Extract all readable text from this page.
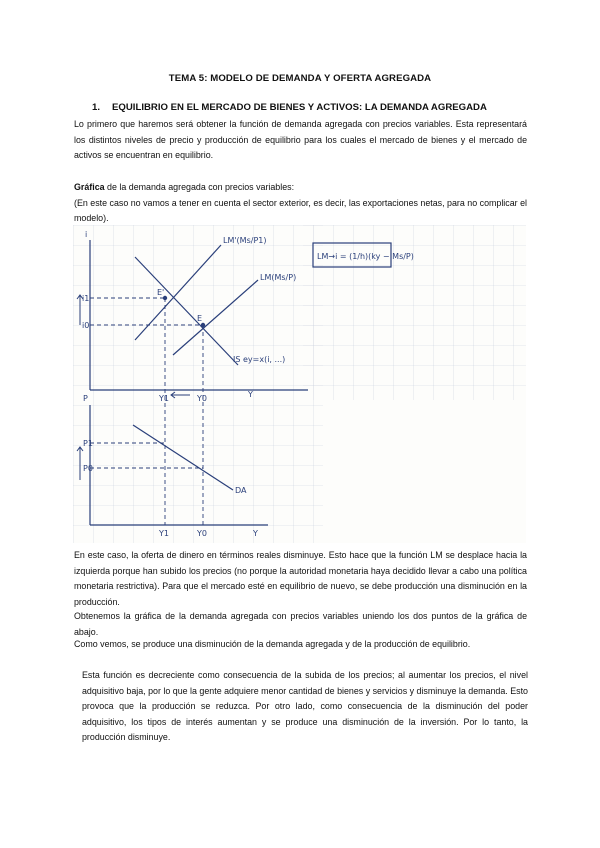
TEMA 5: MODELO DE DEMANDA Y OFERTA AGREGADA
1. EQUILIBRIO EN EL MERCADO DE BIENES Y ACTIVOS: LA DEMANDA AGREGADA
Lo primero que haremos será obtener la función de demanda agregada con precios variables. Esta representará los distintos niveles de precio y producción de equilibrio para los cuales el mercado de bienes y el mercado de activos se encuentran en equilibrio.
Gráfica de la demanda agregada con precios variables:
(En este caso no vamos a tener en cuenta el sector exterior, es decir, las exportaciones netas, para no complicar el modelo).
i
LM'(Ms/P1)
LM(Ms/P)
LM→i = (1/h)(ky − Ms/P)
IS ey=x(i, ...)
E'
E
i1
i0
Y1	Y0	Y
P
P1
P0
DA
Y1	Y0	Y
En este caso, la oferta de dinero en términos reales disminuye. Esto hace que la función LM se desplace hacia la izquierda porque han subido los precios (no porque la autoridad monetaria haya decidido llevar a cabo una política monetaria restrictiva). Para que el mercado esté en equilibrio de nuevo, se debe producción una disminución en la producción.
Obtenemos la gráfica de la demanda agregada con precios variables uniendo los dos puntos de la gráfica de abajo.
Como vemos, se produce una disminución de la demanda agregada y de la producción de equilibrio.
Esta función es decreciente como consecuencia de la subida de los precios; al aumentar los precios, el nivel adquisitivo baja, por lo que la gente adquiere menor cantidad de bienes y servicios y disminuye la demanda. Esto provoca que la producción se reduzca. Por otro lado, como consecuencia de la disminución del poder adquisitivo, los tipos de interés aumentan y se produce una disminución de la inversión. Por lo tanto, la producción disminuye.
